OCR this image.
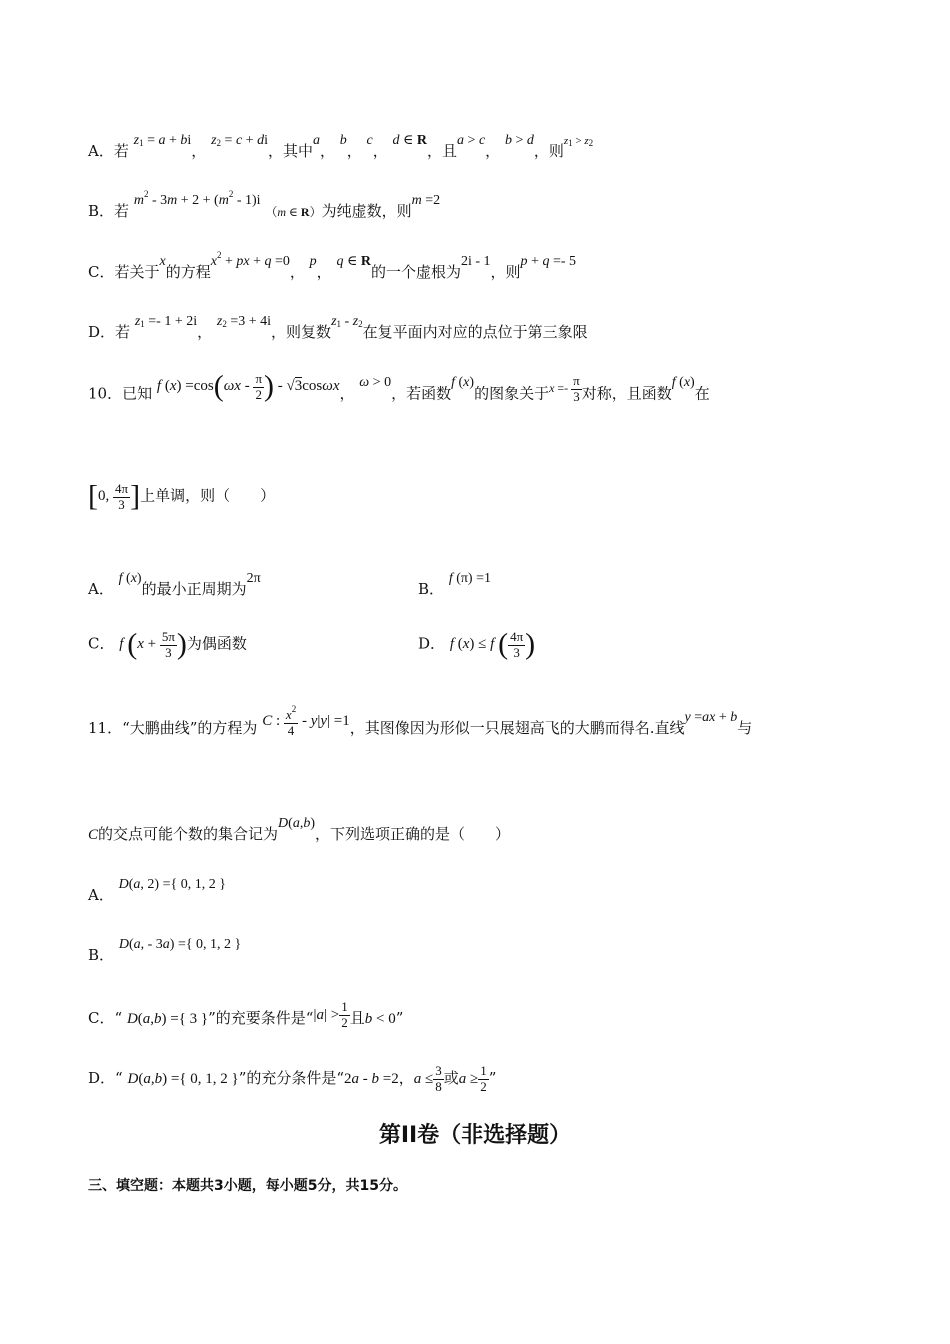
A．若 $z_1 = a$ + bi， $z_2 = c$ + di，其中a， b， c， d ∈ R，且a > c， b > d，则$^{z_1 > z_2}$
B．若 $m^2 - 3m + 2 + (m^2 - 1)i$ （m ∈ R）为纯虚数，则m =2
C．若关于x的方程$x^2$ + px + q =0， p， q ∈ R的一个虚根为2i - 1，则p + q =- 5
D．若 $z_1 =- 1 + 2i$， $z_2 =3 + 4i$，则复数$z_1 - z_2$在复平面内对应的点位于第三象限
10．已知 f $(x) =\cos(\omega x - \frac{\pi}{2}$ ) - √3cosωx， ω > 0，若函数f (x)的图象关于$^{x =- \frac{\pi}{3}}$ 对称，且函数f (x)在
[0, $\frac{4\pi}{3}$ ]上单调，则（　　）
A． f (x)的最小正周期为2π
B． f (π) =1
C． f ($x + \frac{5\pi}{3}$ )为偶函数	D． f (x) ≤ f ( $\frac{4\pi}{3}$ )
11．“大鹏曲线”的方程为 C : $\frac{x^2}{4} - y|y| =1$，其图像因为形似一只展翅高飞的大鹏而得名.直线y =ax + b与
C的交点可能个数的集合记为D(a,b)，下列选项正确的是（　　）
A． D(a, 2) ={ 0, 1, 2 }
B． D(a, - 3a) ={ 0, 1, 2 }
C．“ D(a,b) ={ 3 }”的充要条件是“$|a| > \frac{1}{2}$ 且b < 0”
D．“ D(a,b) ={ 0, 1, 2 }”的充分条件是“2a - b =2，$a \le \frac{3}{8}$ 或$a \ge \frac{1}{2}$ ”
第II卷（非选择题）
三、填空题：本题共3小题，每小题5分，共15分。
